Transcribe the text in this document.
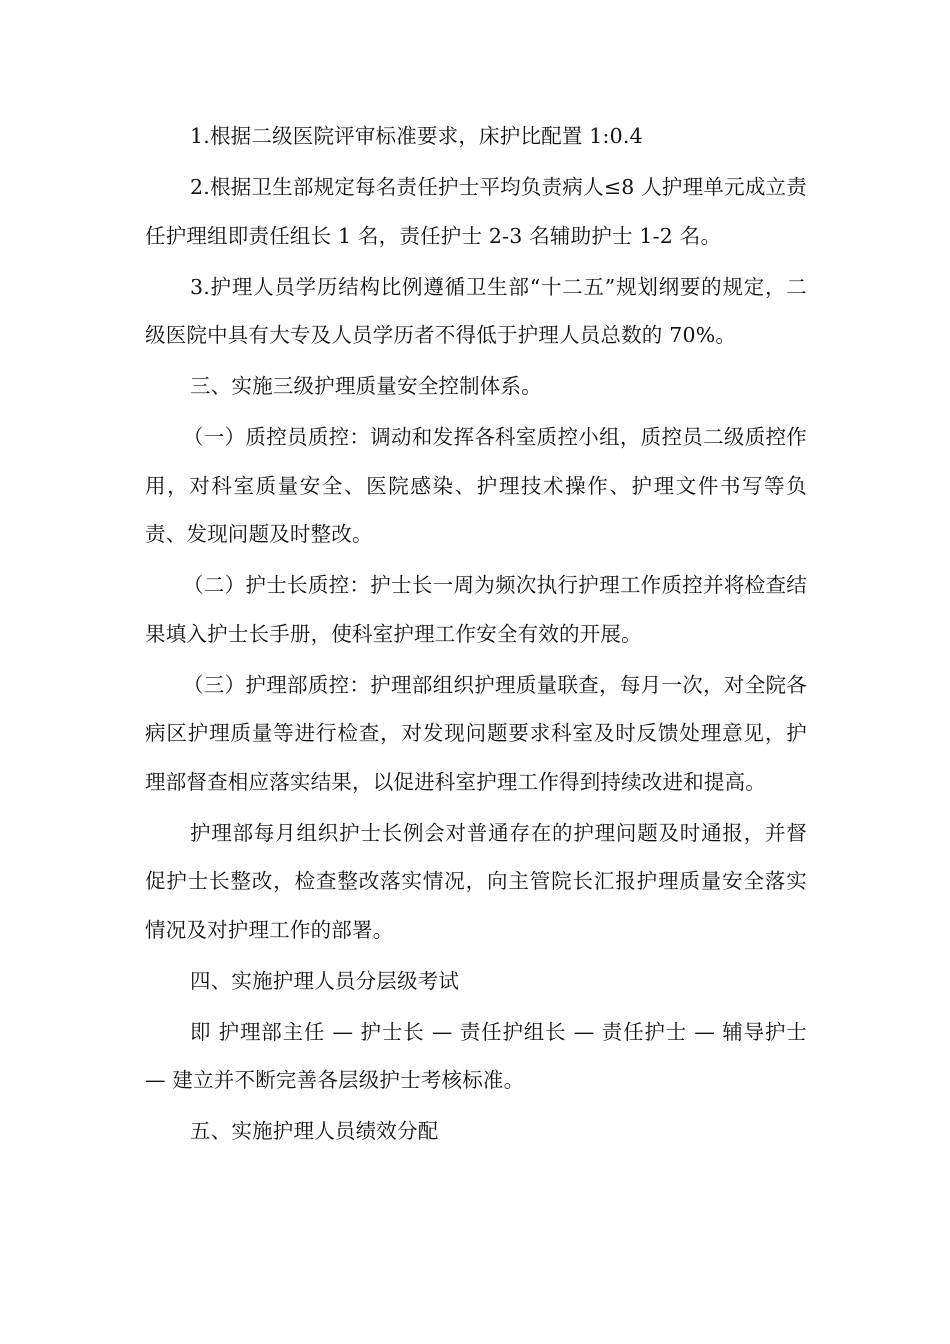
1.根据二级医院评审标准要求，床护比配置 1:0.4

2.根据卫生部规定每名责任护士平均负责病人≤8 人护理单元成立责任护理组即责任组长 1 名，责任护士 2-3 名辅助护士 1-2 名。

3.护理人员学历结构比例遵循卫生部“十二五”规划纲要的规定，二级医院中具有大专及人员学历者不得低于护理人员总数的 70%。

三、实施三级护理质量安全控制体系。

（一）质控员质控：调动和发挥各科室质控小组，质控员二级质控作用，对科室质量安全、医院感染、护理技术操作、护理文件书写等负责、发现问题及时整改。

（二）护士长质控：护士长一周为频次执行护理工作质控并将检查结果填入护士长手册，使科室护理工作安全有效的开展。

（三）护理部质控：护理部组织护理质量联查，每月一次，对全院各病区护理质量等进行检查，对发现问题要求科室及时反馈处理意见，护理部督查相应落实结果，以促进科室护理工作得到持续改进和提高。

护理部每月组织护士长例会对普通存在的护理问题及时通报，并督促护士长整改，检查整改落实情况，向主管院长汇报护理质量安全落实情况及对护理工作的部署。

四、实施护理人员分层级考试

即 护理部主任 — 护士长 — 责任护组长 — 责任护士 — 辅导护士 — 建立并不断完善各层级护士考核标准。

五、实施护理人员绩效分配
